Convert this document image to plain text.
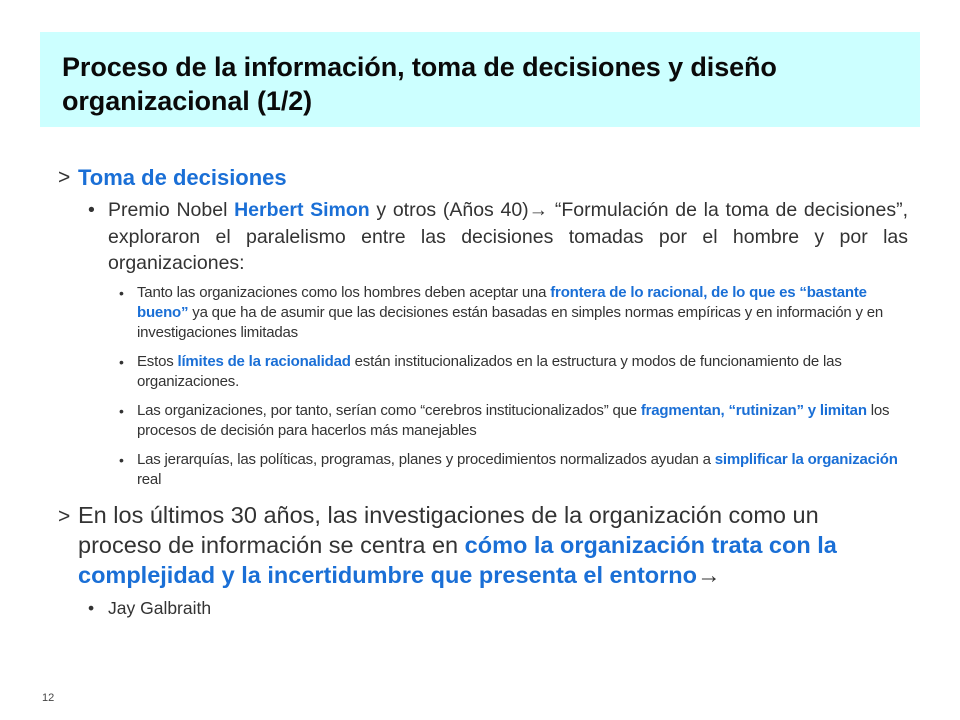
Proceso de la información, toma de decisiones y diseño organizacional (1/2)
> Toma de decisiones
• Premio Nobel Herbert Simon y otros (Años 40)→ “Formulación de la toma de decisiones”, exploraron el paralelismo entre las decisiones tomadas por el hombre y por las organizaciones:
• Tanto las organizaciones como los hombres deben aceptar una frontera de lo racional, de lo que es “bastante bueno” ya que ha de asumir que las decisiones están basadas en simples normas empíricas y en información y en investigaciones limitadas
• Estos límites de la racionalidad están institucionalizados en la estructura y modos de funcionamiento de las organizaciones.
• Las organizaciones, por tanto, serían como “cerebros institucionalizados” que fragmentan, “rutinizan” y limitan los procesos de decisión para hacerlos más manejables
• Las jerarquías, las políticas, programas, planes y procedimientos normalizados ayudan a simplificar la organización real
> En los últimos 30 años, las investigaciones de la organización como un proceso de información se centra en cómo la organización trata con la complejidad y la incertidumbre que presenta el entorno→
• Jay Galbraith
12
